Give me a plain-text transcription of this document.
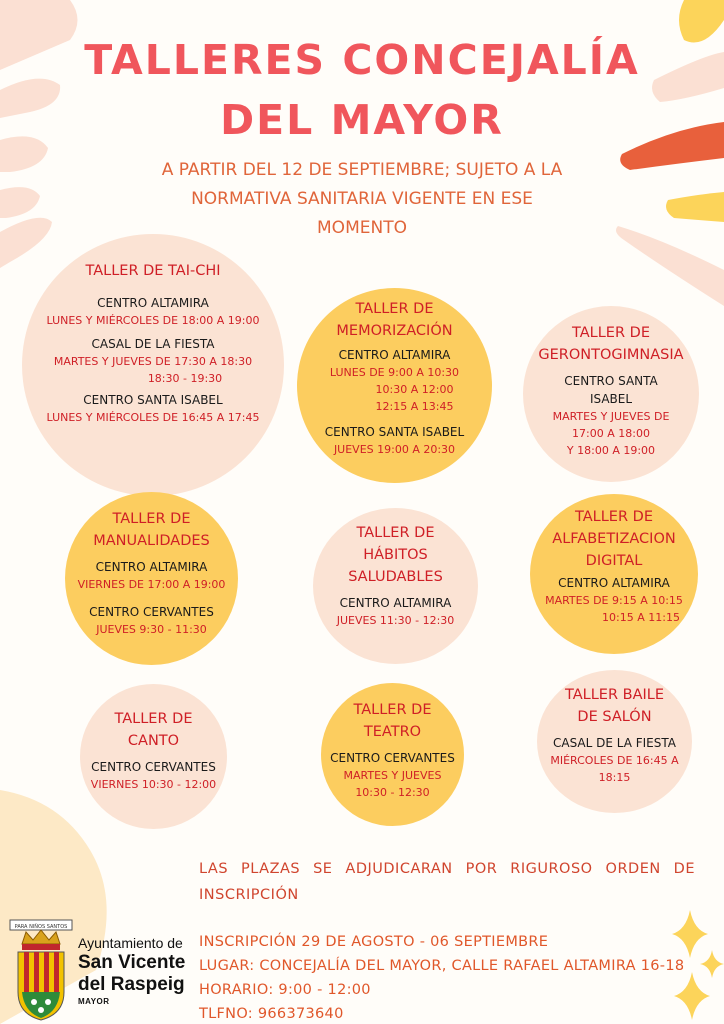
TALLERES CONCEJALÍA
DEL MAYOR
A PARTIR DEL 12 DE SEPTIEMBRE; SUJETO A LA
NORMATIVA SANITARIA VIGENTE EN ESE
MOMENTO
TALLER DE TAI-CHI
CENTRO ALTAMIRA
LUNES Y MIÉRCOLES DE 18:00 A 19:00
CASAL DE LA FIESTA
MARTES Y JUEVES DE 17:30 A 18:30
18:30 - 19:30
CENTRO SANTA ISABEL
LUNES Y MIÉRCOLES DE 16:45 A 17:45
TALLER DE
MEMORIZACIÓN
CENTRO ALTAMIRA
LUNES DE 9:00 A 10:30
10:30 A 12:00
12:15 A 13:45
CENTRO SANTA ISABEL
JUEVES 19:00 A 20:30
TALLER DE
GERONTOGIMNASIA
CENTRO SANTA
ISABEL
MARTES Y JUEVES DE
17:00 A 18:00
Y 18:00 A 19:00
TALLER DE
MANUALIDADES
CENTRO ALTAMIRA
VIERNES DE 17:00 A 19:00
CENTRO CERVANTES
JUEVES 9:30 - 11:30
TALLER DE
HÁBITOS
SALUDABLES
CENTRO ALTAMIRA
JUEVES 11:30 - 12:30
TALLER DE
ALFABETIZACION
DIGITAL
CENTRO ALTAMIRA
MARTES DE 9:15 A 10:15
10:15 A 11:15
TALLER DE
CANTO
CENTRO CERVANTES
VIERNES 10:30 - 12:00
TALLER DE
TEATRO
CENTRO CERVANTES
MARTES Y JUEVES
10:30 - 12:30
TALLER BAILE
DE SALÓN
CASAL DE LA FIESTA
MIÉRCOLES DE 16:45 A
18:15
LAS PLAZAS SE ADJUDICARAN POR RIGUROSO ORDEN DE INSCRIPCIÓN
INSCRIPCIÓN 29 DE AGOSTO - 06 SEPTIEMBRE
LUGAR: CONCEJALÍA DEL MAYOR, CALLE RAFAEL ALTAMIRA 16-18
HORARIO: 9:00 - 12:00
TLFNO: 966373640
PARA NIÑOS SANTOS
Ayuntamiento de
San Vicente
del Raspeig
MAYOR
